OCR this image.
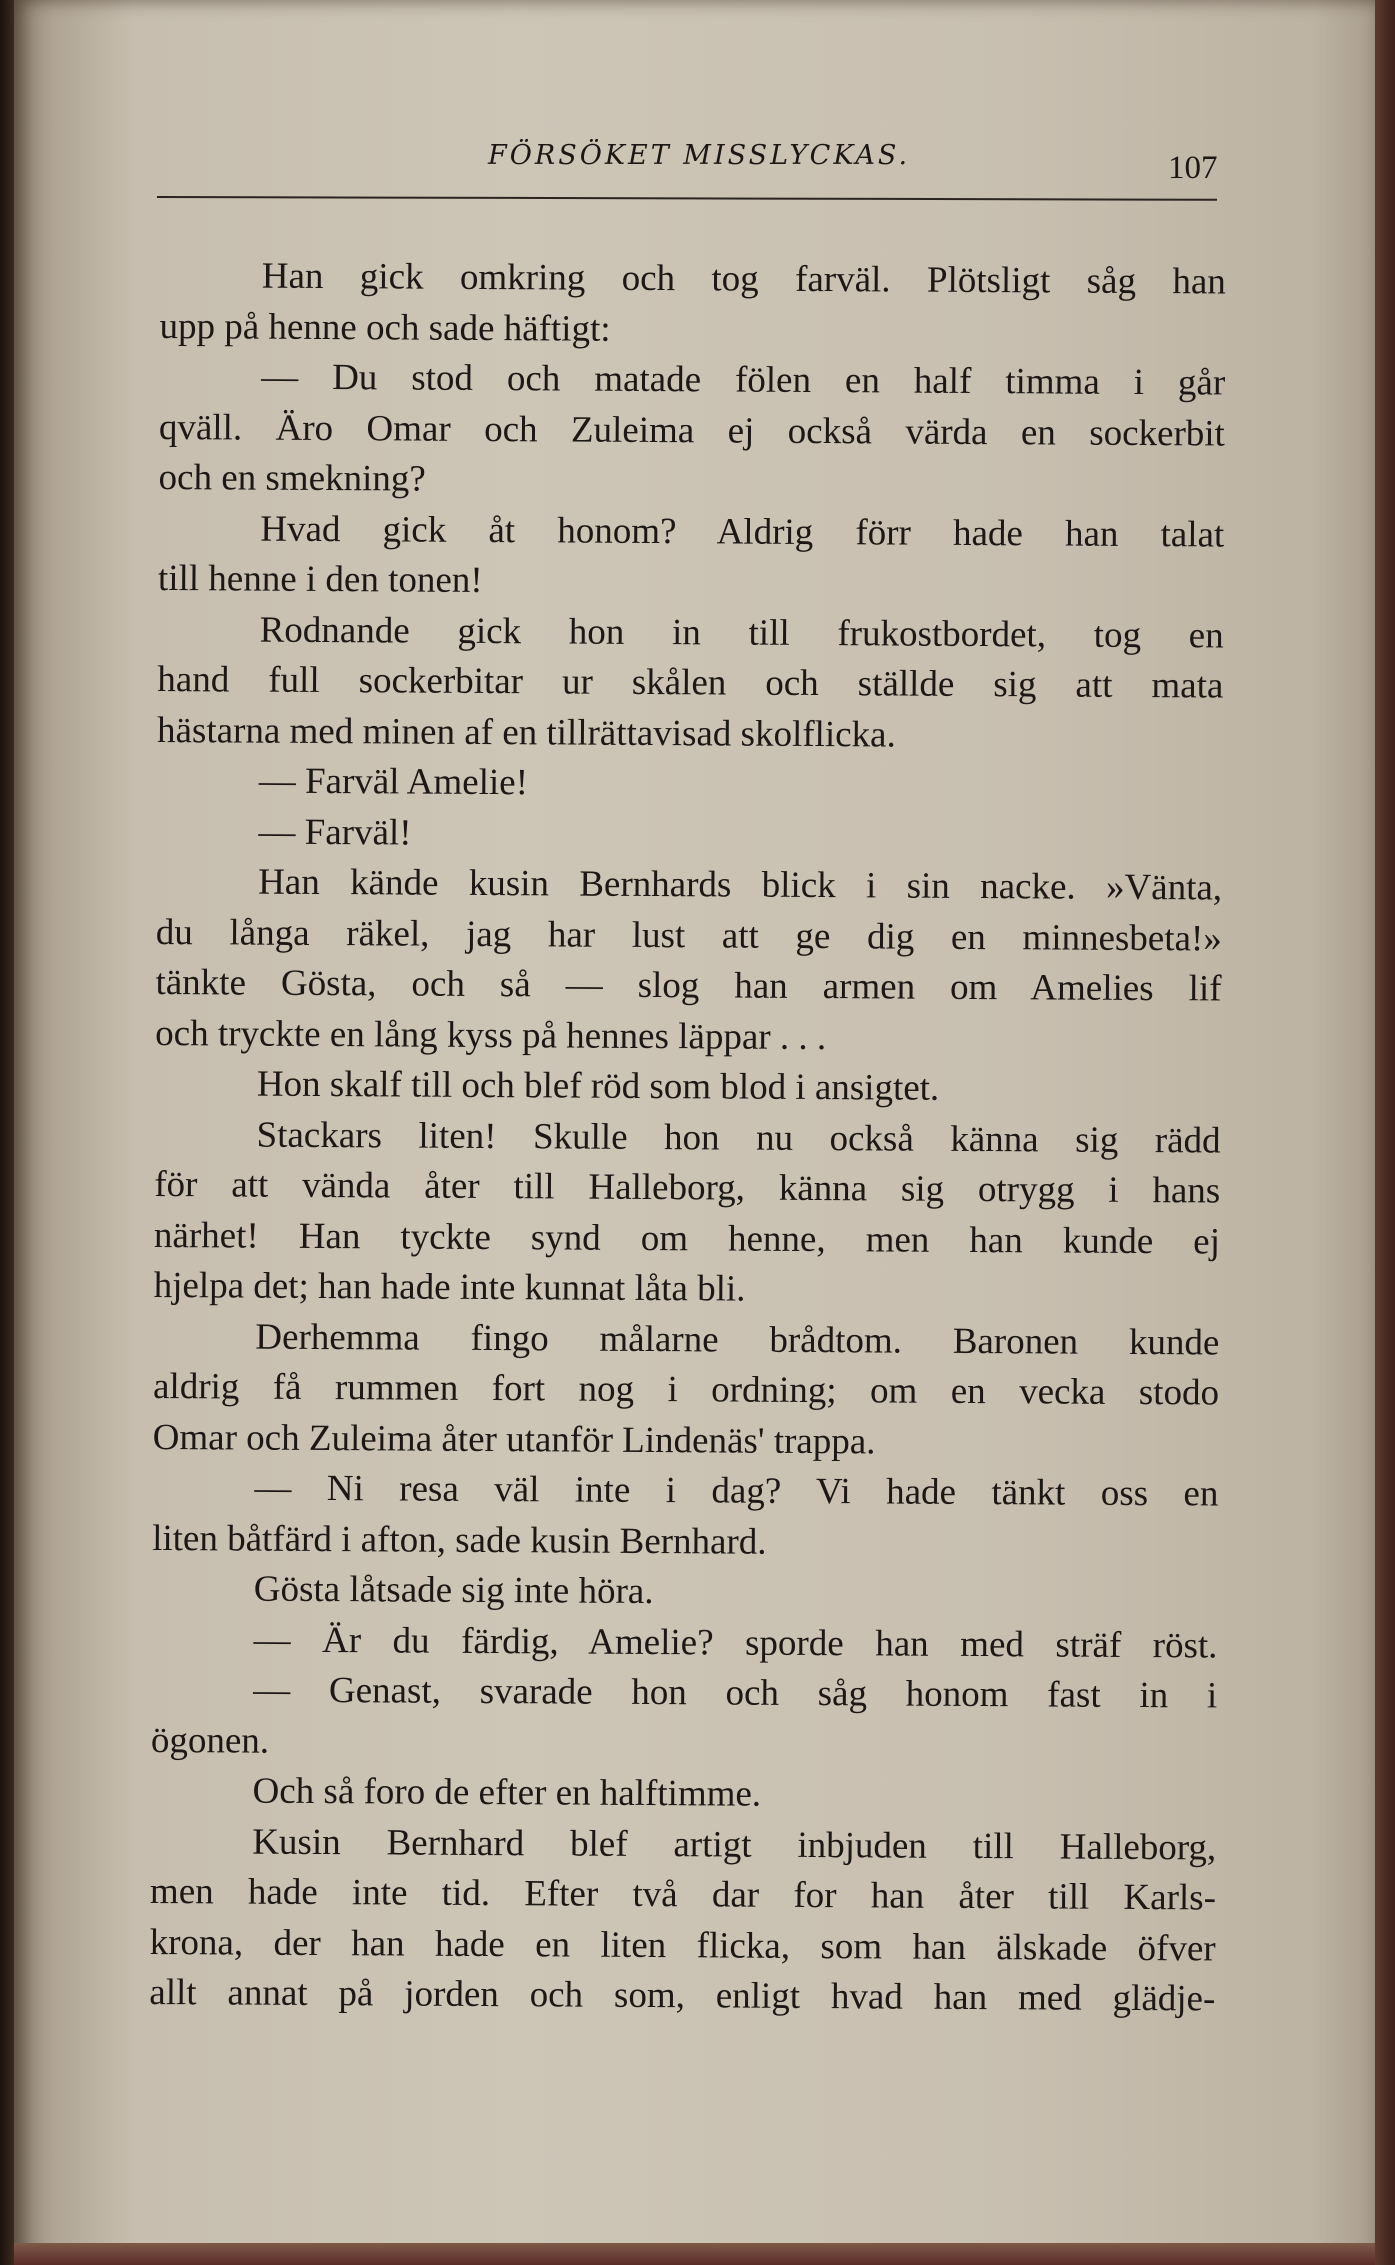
FÖRSÖKET MISSLYCKAS.	107
Han gick omkring och tog farväl. Plötsligt såg han
upp på henne och sade häftigt:
— Du stod och matade fölen en half timma i går
qväll. Äro Omar och Zuleima ej också värda en sockerbit
och en smekning?
Hvad gick åt honom? Aldrig förr hade han talat
till henne i den tonen!
Rodnande gick hon in till frukostbordet, tog en
hand full sockerbitar ur skålen och ställde sig att mata
hästarna med minen af en tillrättavisad skolflicka.
— Farväl Amelie!
— Farväl!
Han kände kusin Bernhards blick i sin nacke. »Vänta,
du långa räkel, jag har lust att ge dig en minnesbeta!»
tänkte Gösta, och så — slog han armen om Amelies lif
och tryckte en lång kyss på hennes läppar . . .
Hon skalf till och blef röd som blod i ansigtet.
Stackars liten! Skulle hon nu också känna sig rädd
för att vända åter till Halleborg, känna sig otrygg i hans
närhet! Han tyckte synd om henne, men han kunde ej
hjelpa det; han hade inte kunnat låta bli.
Derhemma fingo målarne brådtom. Baronen kunde
aldrig få rummen fort nog i ordning; om en vecka stodo
Omar och Zuleima åter utanför Lindenäs' trappa.
— Ni resa väl inte i dag? Vi hade tänkt oss en
liten båtfärd i afton, sade kusin Bernhard.
Gösta låtsade sig inte höra.
— Är du färdig, Amelie? sporde han med sträf röst.
— Genast, svarade hon och såg honom fast in i
ögonen.
Och så foro de efter en halftimme.
Kusin Bernhard blef artigt inbjuden till Halleborg,
men hade inte tid. Efter två dar for han åter till Karls-
krona, der han hade en liten flicka, som han älskade öfver
allt annat på jorden och som, enligt hvad han med glädje-
